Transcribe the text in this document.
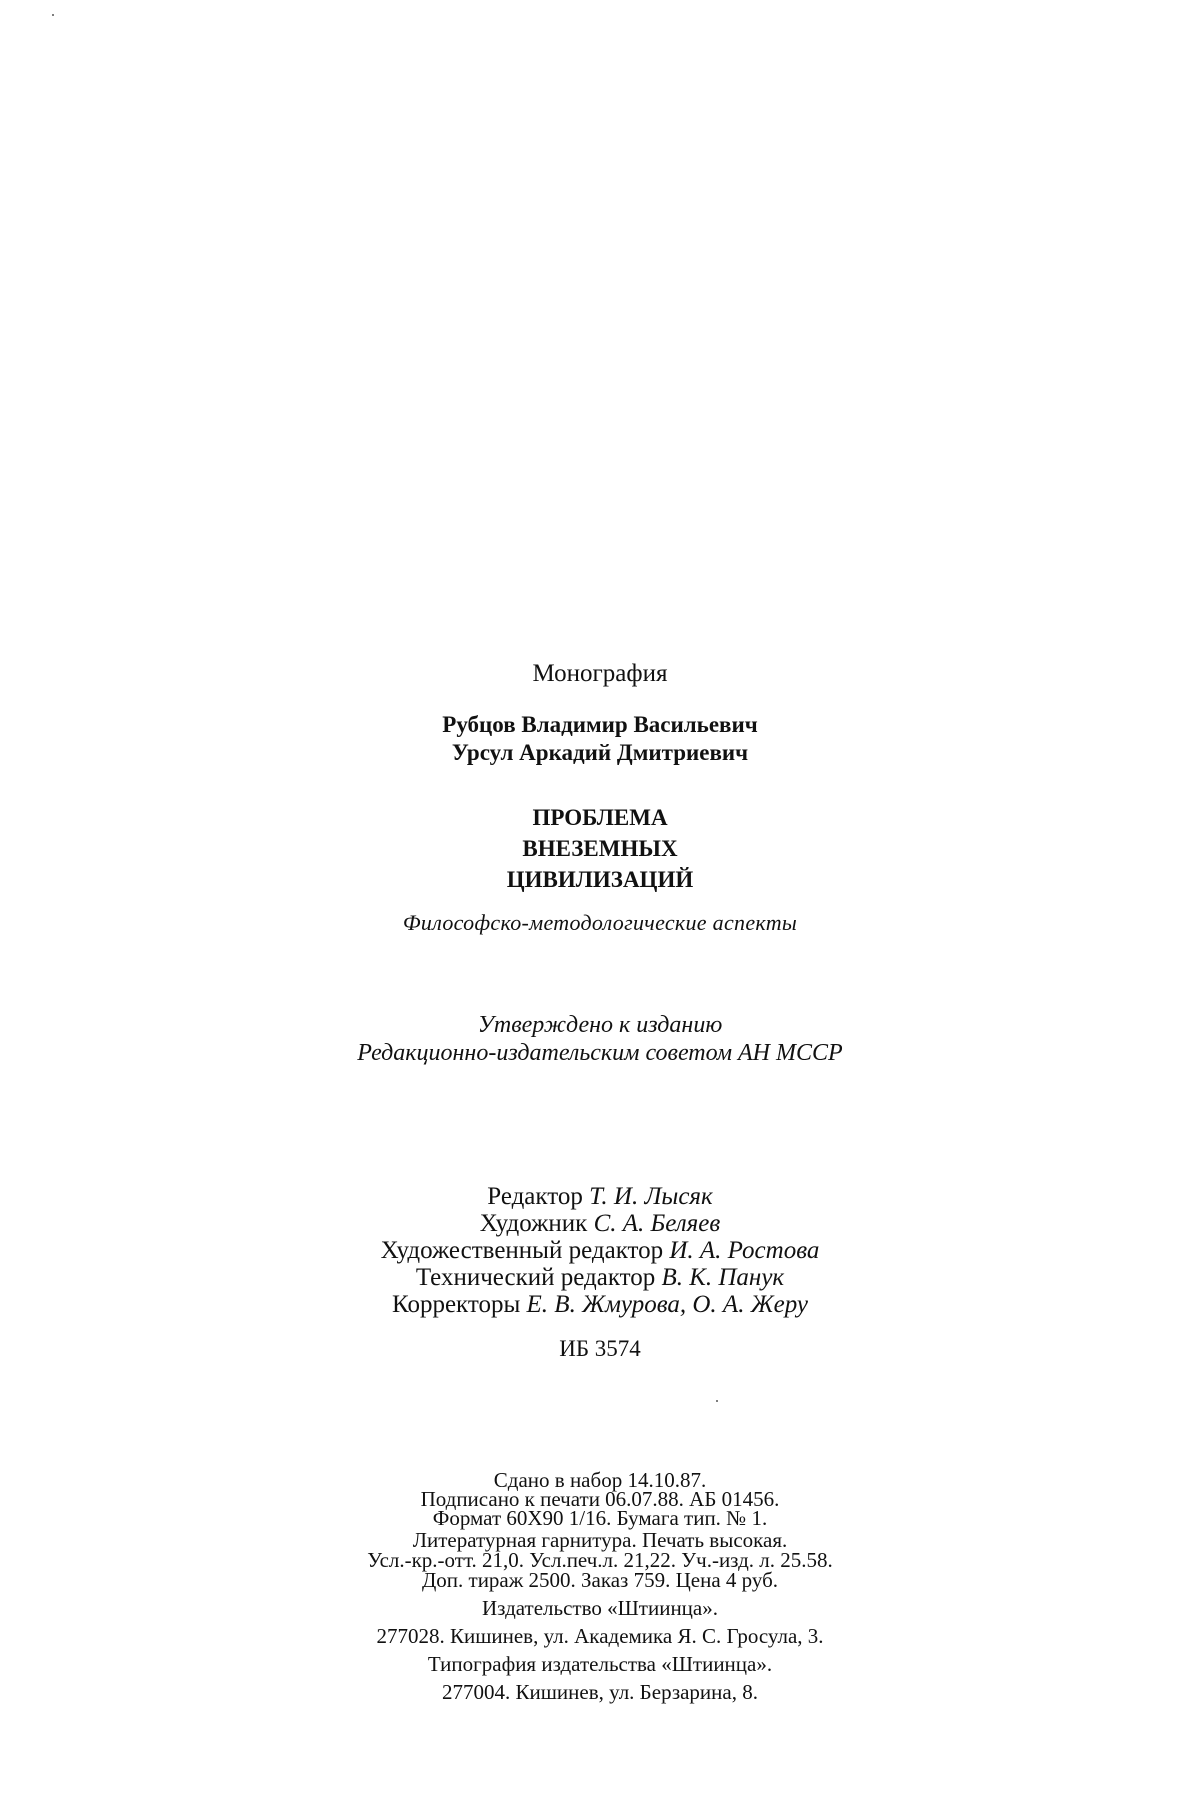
Монография
Рубцов Владимир Васильевич
Урсул Аркадий Дмитриевич
ПРОБЛЕМА
ВНЕЗЕМНЫХ
ЦИВИЛИЗАЦИЙ
Философско-методологические аспекты
Утверждено к изданию
Редакционно-издательским советом АН МССР
Редактор Т. И. Лысяк
Художник С. А. Беляев
Художественный редактор И. А. Ростова
Технический редактор В. К. Панук
Корректоры Е. В. Жмурова, О. А. Жеру
ИБ 3574
Сдано в набор 14.10.87.
Подписано к печати 06.07.88. АБ 01456.
Формат 60X90 1/16. Бумага тип. № 1.
Литературная гарнитура. Печать высокая.
Усл.-кр.-отт. 21,0. Усл.печ.л. 21,22. Уч.-изд. л. 25.58.
Доп. тираж 2500. Заказ 759. Цена 4 руб.
Издательство «Штиинца».
277028. Кишинев, ул. Академика Я. С. Гросула, 3.
Типография издательства «Штиинца».
277004. Кишинев, ул. Берзарина, 8.
